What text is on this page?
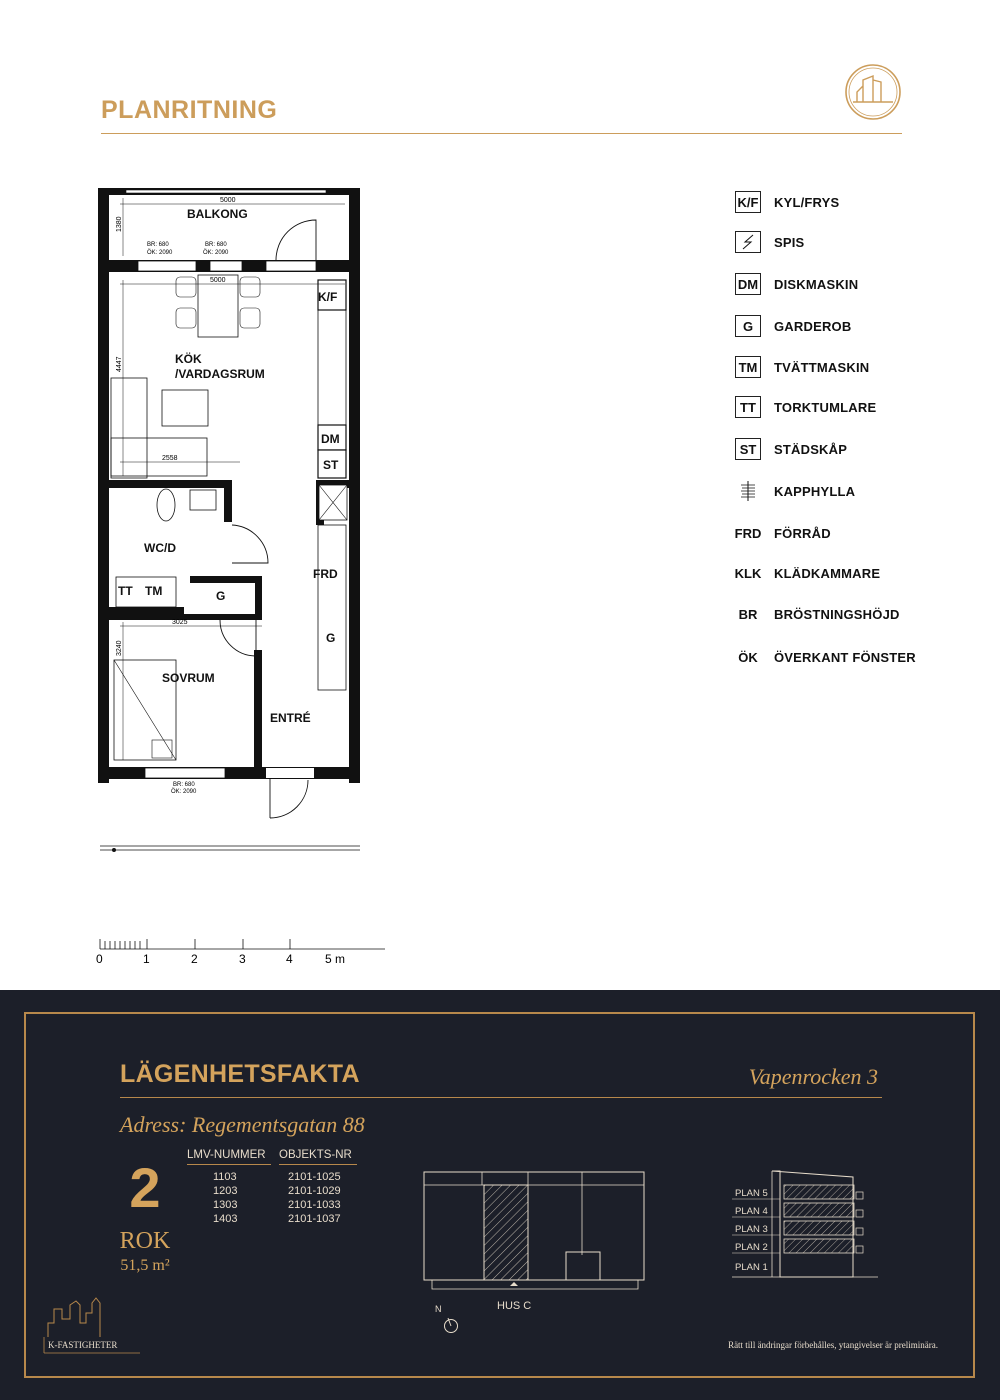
PLANRITNING
BALKONG
KÖK
/VARDAGSRUM
WC/D
SOVRUM
ENTRÉ
FRD
K/F
DM
ST
TT TM	G
G
5000
5000
1380
4447
2558
3025
3240
BR: 680
ÖK: 2090
BR: 680
ÖK: 2090
BR: 680
ÖK: 2090
0	1	2	3	4	5 m
K/F KYL/FRYS
SPIS
DM DISKMASKIN
G	GARDEROB
TM TVÄTTMASKIN
TT	TORKTUMLARE
ST	STÄDSKÅP
KAPPHYLLA
FRD FÖRRÅD
KLK KLÄDKAMMARE
BR BRÖSTNINGSHÖJD
ÖK ÖVERKANT FÖNSTER
LÄGENHETSFAKTA	Vapenrocken 3
Adress: Regementsgatan 88
2
ROK
51,5 m²
LMV-NUMMER OBJEKTS-NR
1103	2101-1025
1203	2101-1029
1303	2101-1033
1403	2101-1037
HUS C
N
PLAN 5
PLAN 4
PLAN 3
PLAN 2
PLAN 1
K-FASTIGHETER	Rätt till ändringar förbehålles, ytangivelser är preliminära.
